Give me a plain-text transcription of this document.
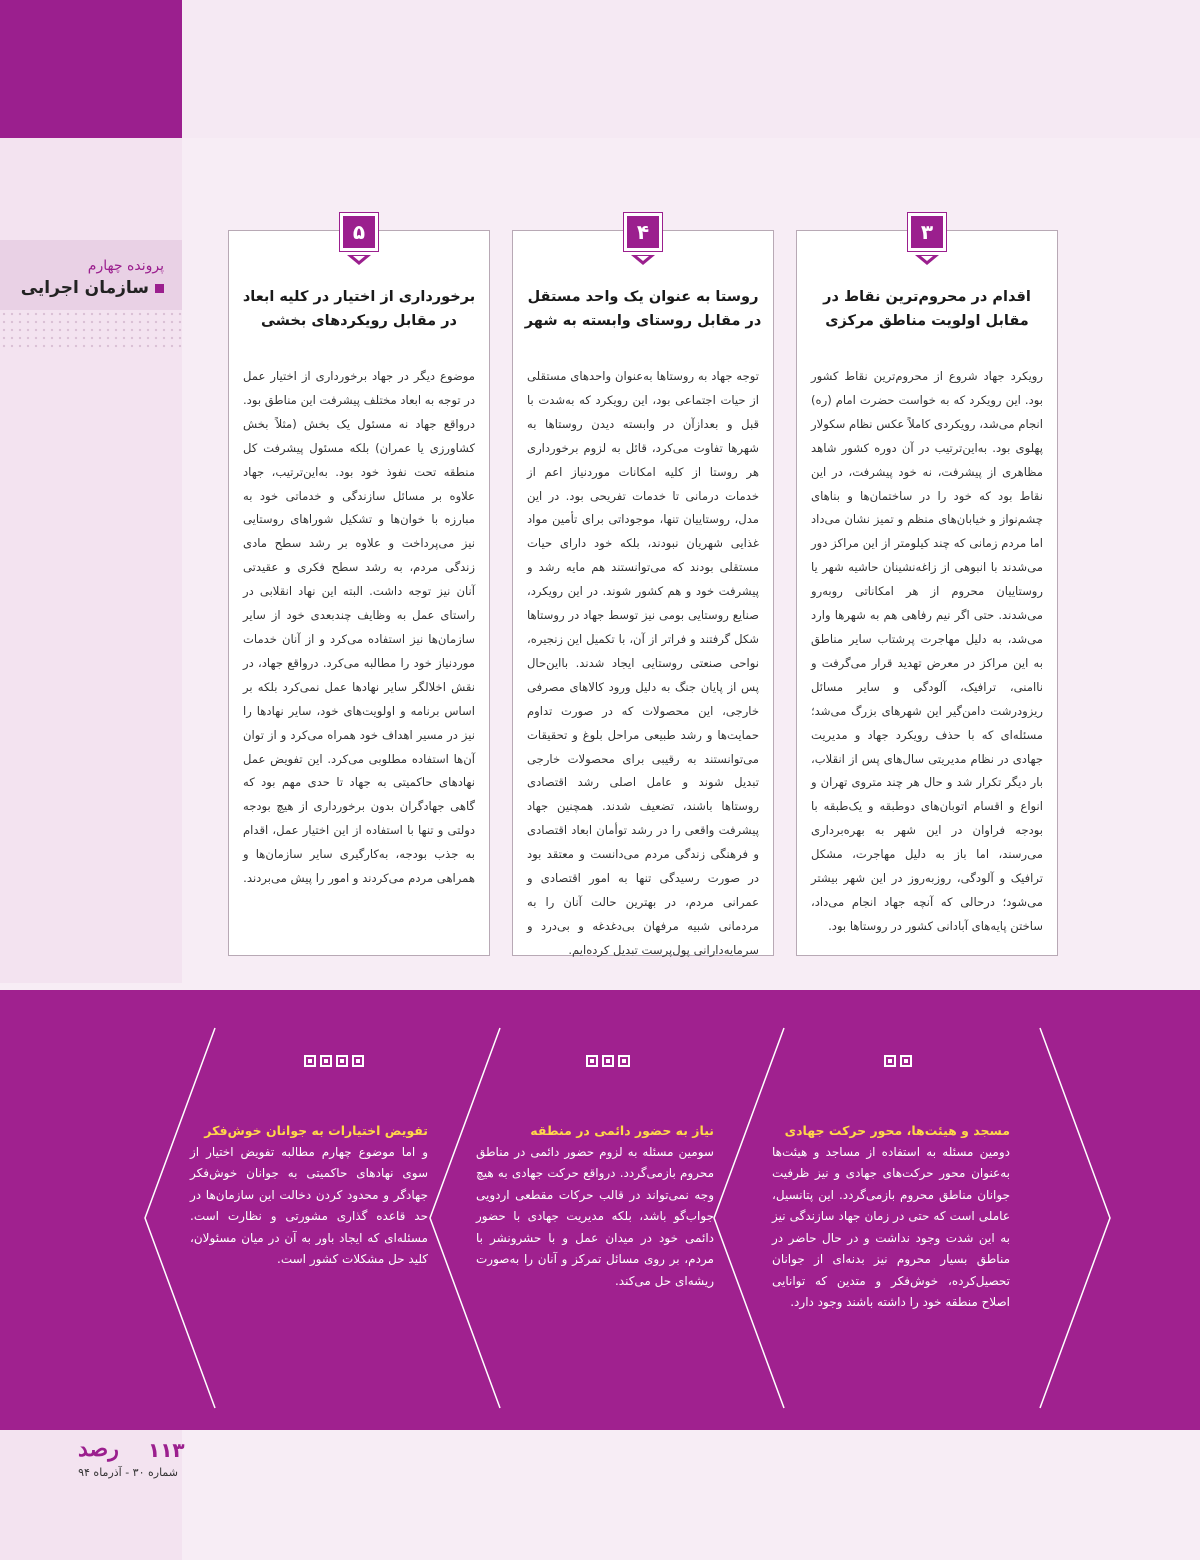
پرونده چهارم
سازمان اجرایی
۵
برخورداری از اختیار در کلیه ابعاد در مقابل رویکردهای بخشی
موضوع دیگر در جهاد برخورداری از اختیار عمل در توجه به ابعاد مختلف پیشرفت این مناطق بود. درواقع جهاد نه مسئول یک بخش (مثلاً بخش کشاورزی یا عمران) بلکه مسئول پیشرفت کل منطقه تحت نفوذ خود بود. به‌این‌ترتیب، جهاد علاوه بر مسائل سازندگی و خدماتی خود به مبارزه با خوان‌ها و تشکیل شوراهای روستایی نیز می‌پرداخت و علاوه بر رشد سطح مادی زندگی مردم، به رشد سطح فکری و عقیدتی آنان نیز توجه داشت. البته این نهاد انقلابی در راستای عمل به وظایف چندبعدی خود از سایر سازمان‌ها نیز استفاده می‌کرد و از آنان خدمات موردنیاز خود را مطالبه می‌کرد. درواقع جهاد، در نقش اخلالگر سایر نهادها عمل نمی‌کرد بلکه بر اساس برنامه و اولویت‌های خود، سایر نهادها را نیز در مسیر اهداف خود همراه می‌کرد و از توان آن‌ها استفاده مطلوبی می‌کرد. این تفویض عمل نهادهای حاکمیتی به جهاد تا حدی مهم بود که گاهی جهادگران بدون برخورداری از هیچ بودجه دولتی و تنها با استفاده از این اختیار عمل، اقدام به جذب بودجه، به‌کارگیری سایر سازمان‌ها و همراهی مردم می‌کردند و امور را پیش می‌بردند.
۴
روستا به عنوان یک واحد مستقل در مقابل روستای وابسته به شهر
توجه جهاد به روستاها به‌عنوان واحدهای مستقلی از حیات اجتماعی بود، این رویکرد که به‌شدت با قبل و بعدازآن در وابسته دیدن روستاها به شهرها تفاوت می‌کرد، قائل به لزوم برخورداری هر روستا از کلیه امکانات موردنیاز اعم از خدمات درمانی تا خدمات تفریحی بود. در این مدل، روستاییان تنها، موجوداتی برای تأمین مواد غذایی شهریان نبودند، بلکه خود دارای حیات مستقلی بودند که می‌توانستند هم مایه رشد و پیشرفت خود و هم کشور شوند. در این رویکرد، صنایع روستایی بومی نیز توسط جهاد در روستاها شکل گرفتند و فراتر از آن، با تکمیل این زنجیره، نواحی صنعتی روستایی ایجاد شدند. بااین‌حال پس از پایان جنگ به دلیل ورود کالاهای مصرفی خارجی، این محصولات که در صورت تداوم حمایت‌ها و رشد طبیعی مراحل بلوغ و تحقیقات می‌توانستند به رقیبی برای محصولات خارجی تبدیل شوند و عامل اصلی رشد اقتصادی روستاها باشند، تضعیف شدند. همچنین جهاد پیشرفت واقعی را در رشد توأمان ابعاد اقتصادی و فرهنگی زندگی مردم می‌دانست و معتقد بود در صورت رسیدگی تنها به امور اقتصادی و عمرانی مردم، در بهترین حالت آنان را به مردمانی شبیه مرفهان بی‌دغدغه و بی‌درد و سرمایه‌دارانی پول‌پرست تبدیل کرده‌ایم.
۳
اقدام در محروم‌ترین نقاط در مقابل اولویت مناطق مرکزی
رویکرد جهاد شروع از محروم‌ترین نقاط کشور بود. این رویکرد که به خواست حضرت امام (ره) انجام می‌شد، رویکردی کاملاً عکس نظام سکولار پهلوی بود. به‌این‌ترتیب در آن دوره کشور شاهد مظاهری از پیشرفت، نه خود پیشرفت، در این نقاط بود که خود را در ساختمان‌ها و بناهای چشم‌نواز و خیابان‌های منظم و تمیز نشان می‌داد اما مردم زمانی که چند کیلومتر از این مراکز دور می‌شدند با انبوهی از زاغه‌نشینان حاشیه شهر یا روستاییان محروم از هر امکاناتی روبه‌رو می‌شدند. حتی اگر نیم رفاهی هم به شهرها وارد می‌شد، به دلیل مهاجرت پرشتاب سایر مناطق به این مراکز در معرض تهدید قرار می‌گرفت و ناامنی، ترافیک، آلودگی و سایر مسائل ریزودرشت دامن‌گیر این شهرهای بزرگ می‌شد؛ مسئله‌ای که با حذف رویکرد جهاد و مدیریت جهادی در نظام مدیریتی سال‌های پس از انقلاب، بار دیگر تکرار شد و حال هر چند متروی تهران و انواع و اقسام اتوبان‌های دوطبقه و یک‌طبقه با بودجه فراوان در این شهر به بهره‌برداری می‌رسند، اما باز به دلیل مهاجرت، مشکل ترافیک و آلودگی، روزبه‌روز در این شهر بیشتر می‌شود؛ درحالی که آنچه جهاد انجام می‌داد، ساختن پایه‌های آبادانی کشور در روستاها بود.
تفویض اختیارات به جوانان خوش‌فکر
و اما موضوع چهارم مطالبه تفویض اختیار از سوی نهادهای حاکمیتی به جوانان خوش‌فکر جهادگر و محدود کردن دخالت این سازمان‌ها در حد قاعده گذاری مشورتی و نظارت است. مسئله‌ای که ایجاد باور به آن در میان مسئولان، کلید حل مشکلات کشور است.
نیاز به حضور دائمی در منطقه
سومین مسئله به لزوم حضور دائمی در مناطق محروم بازمی‌گردد. درواقع حرکت جهادی به هیچ وجه نمی‌تواند در قالب حرکات مقطعی اردویی جواب‌گو باشد، بلکه مدیریت جهادی با حضور دائمی خود در میدان عمل و با حشرونشر با مردم، بر روی مسائل تمرکز و آنان را به‌صورت ریشه‌ای حل می‌کند.
مسجد و هیئت‌ها، محور حرکت جهادی
دومین مسئله به استفاده از مساجد و هیئت‌ها به‌عنوان محور حرکت‌های جهادی و نیز ظرفیت جوانان مناطق محروم بازمی‌گردد. این پتانسیل، عاملی است که حتی در زمان جهاد سازندگی نیز به این شدت وجود نداشت و در حال حاضر در مناطق بسیار محروم نیز بدنه‌ای از جوانان تحصیل‌کرده، خوش‌فکر و متدین که توانایی اصلاح منطقه خود را داشته باشند وجود دارد.
۱۱۳
رصد
شماره ۳۰ - آذرماه ۹۴
